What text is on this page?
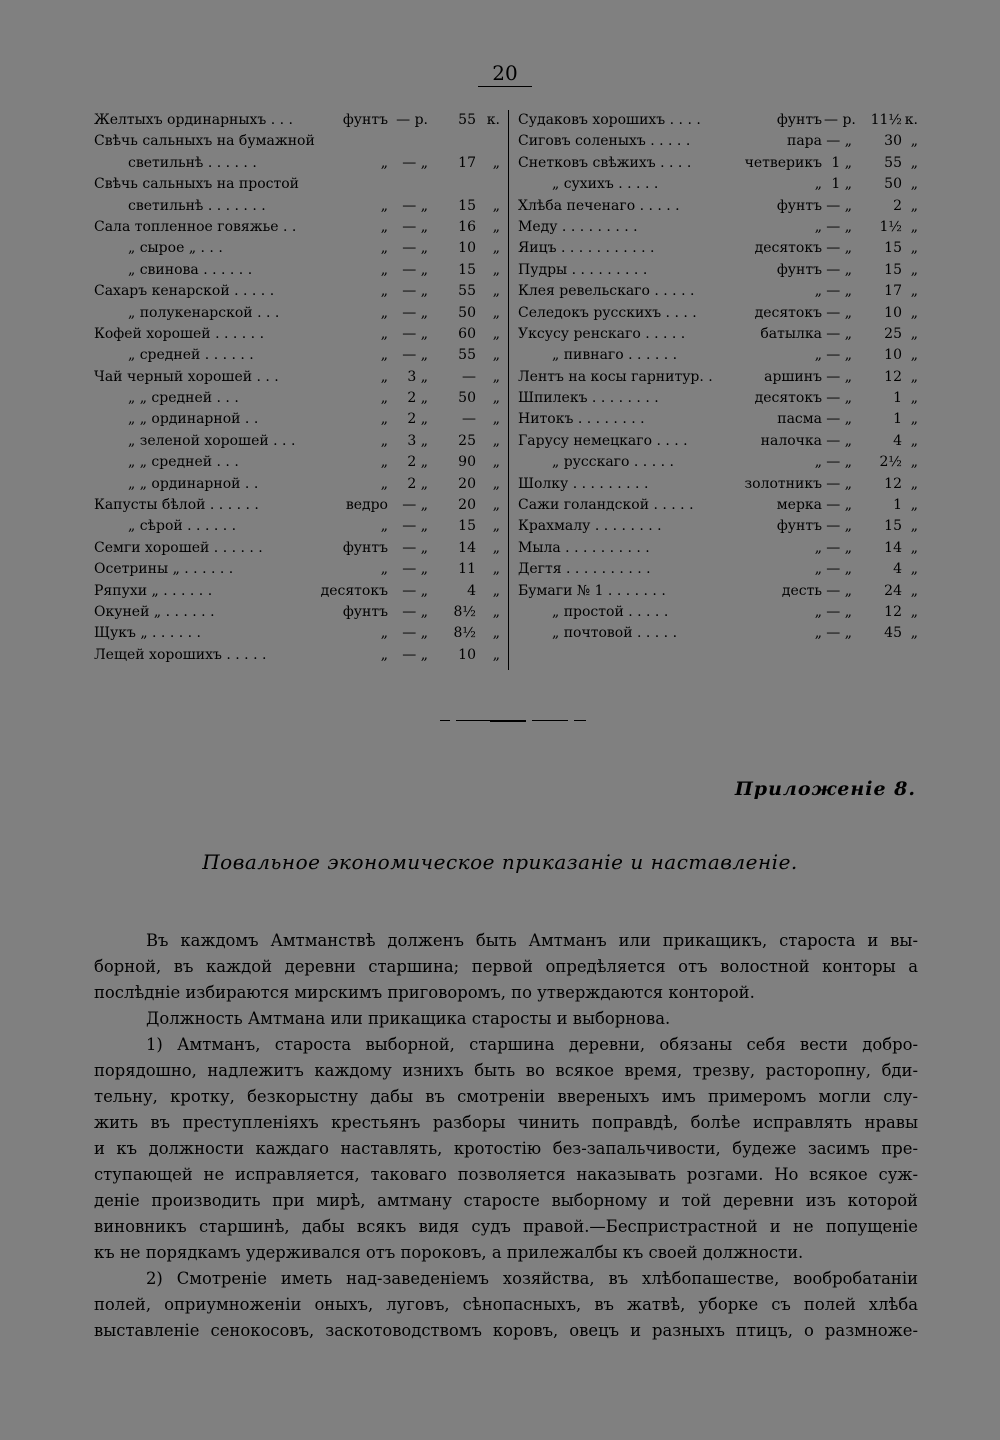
20
Желтыхъ ординарныхъ . . .	фунтъ — р.	55 к.
Свѣчь сальныхъ на бумажной
светильнѣ . . . . . .	„	— „	17	„
Свѣчь сальныхъ на простой
светильнѣ . . . . . . .	„	— „	15	„
Сала топленное говяжье . .	„	— „	16	„
„ сырое „ . . .	„	— „	10	„
„ свинова . . . . . .	„	— „	15	„
Сахаръ кенарской . . . . .	„	— „	55	„
„ полукенарской . . .	„	— „	50	„
Кофей хорошей . . . . . .	„	— „	60	„
„ средней . . . . . .	„	— „	55	„
Чай черный хорошей . . .	„	3 „	—	„
„ „ средней . . .	„	2 „	50	„
„ „ ординарной . .	„	2 „	—	„
„ зеленой хорошей . . .	„	3 „	25	„
„ „ средней . . .	„	2 „	90	„
„ „ ординарной . .	„	2 „	20	„
Капусты бѣлой . . . . . .	ведро	— „	20	„
„ сѣрой . . . . . .	„	— „	15	„
Семги хорошей . . . . . .	фунтъ	— „	14	„
Осетрины „ . . . . . .	„	— „	11	„
Ряпухи „ . . . . . .	десятокъ	— „	4	„
Окуней „ . . . . . .	фунтъ	— „	8½	„
Щукъ „ . . . . . .	„	— „	8½	„
Лещей хорошихъ . . . . .	„	— „	10	„
Судаковъ хорошихъ . . . .	фунтъ — р.	11½ к.
Сиговъ соленыхъ . . . . .	пара — „	30 „
Снетковъ свѣжихъ . . . .	четверикъ 1 „	55 „
„ сухихъ . . . . .	„ 1 „	50 „
Хлѣба печенаго . . . . .	фунтъ — „	2 „
Меду . . . . . . . . .	„ — „	1½ „
Яицъ . . . . . . . . . . .	десятокъ — „	15 „
Пудры . . . . . . . . .	фунтъ — „	15 „
Клея ревельскаго . . . . .	„ — „	17 „
Селедокъ русскихъ . . . .	десятокъ — „	10 „
Уксусу ренскаго . . . . .	батылка — „	25 „
„ пивнаго . . . . . .	„ — „	10 „
Лентъ на косы гарнитур. .	аршинъ — „	12 „
Шпилекъ . . . . . . . .	десятокъ — „	1 „
Нитокъ . . . . . . . .	пасма — „	1 „
Гарусу немецкаго . . . .	налочка — „	4 „
„ русскаго . . . . .	„ — „	2½ „
Шолку . . . . . . . . .	золотникъ — „	12 „
Сажи голандской . . . . .	мерка — „	1 „
Крахмалу . . . . . . . .	фунтъ — „	15 „
Мыла . . . . . . . . . .	„ — „	14 „
Дегтя . . . . . . . . . .	„ — „	4 „
Бумаги № 1 . . . . . . .	десть — „	24 „
„ простой . . . . .	„ — „	12 „
„ почтовой . . . . .	„ — „	45 „
Приложеніе 8.
Повальное экономическое приказаніе и наставленіе.
Въ каждомъ Амтманствѣ долженъ быть Амтманъ или прикащикъ, староста и вы-
борной, въ каждой деревни старшина; первой опредѣляется отъ волостной конторы а
послѣдніе избираются мирскимъ приговоромъ, по утверждаются конторой.
Должность Амтмана или прикащика старосты и выборнова.
1) Амтманъ, староста выборной, старшина деревни, обязаны себя вести добро-
порядошно, надлежитъ каждому изнихъ быть во всякое время, трезву, расторопну, бди-
тельну, кротку, безкорыстну дабы въ смотреніи ввереныхъ имъ примеромъ могли слу-
жить въ преступленіяхъ крестьянъ разборы чинить поправдѣ, болѣе исправлять нравы
и къ должности каждаго наставлять, кротостію без-запальчивости, будеже засимъ пре-
ступающей не исправляется, таковаго позволяется наказывать розгами. Но всякое суж-
деніе производить при мирѣ, амтману старосте выборному и той деревни изъ которой
виновникъ старшинѣ, дабы всякъ видя судъ правой.—Беспристрастной и не попущеніе
къ не порядкамъ удерживался отъ пороковъ, а прилежалбы къ своей должности.
2) Смотреніе иметь над-заведеніемъ хозяйства, въ хлѣбопашестве, вообробатаніи
полей, оприумноженіи оныхъ, луговъ, сѣнопасныхъ, въ жатвѣ, уборке съ полей хлѣба
выставленіе сенокосовъ, заскотоводствомъ коровъ, овецъ и разныхъ птицъ, о размноже-
